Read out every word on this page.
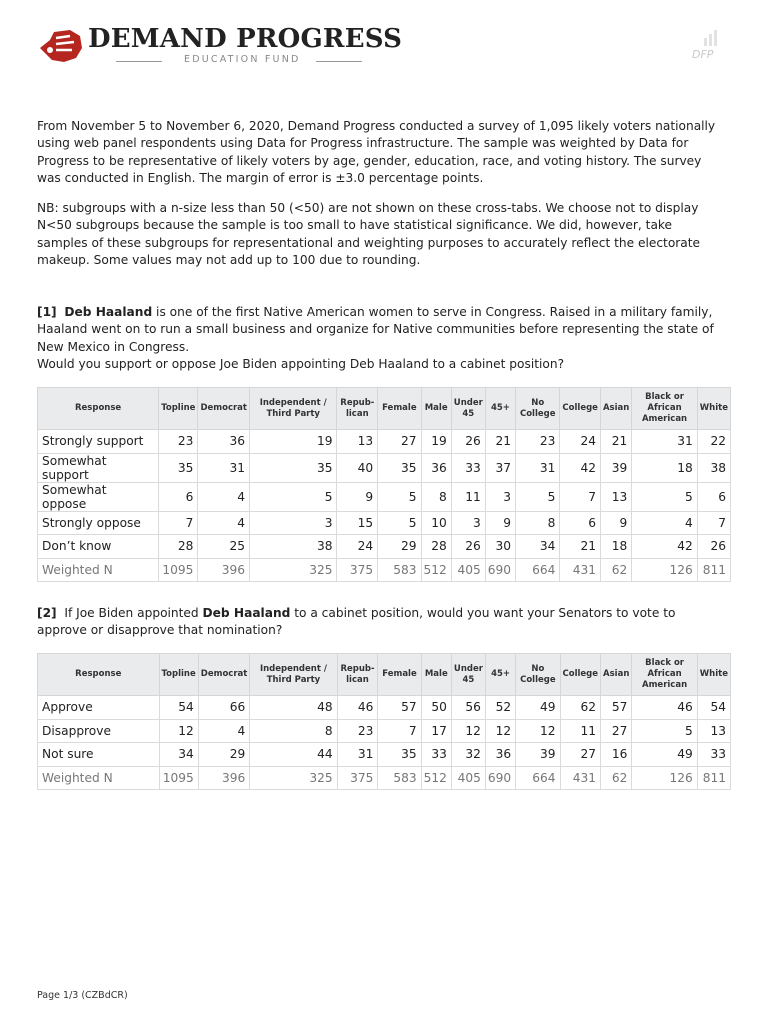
DEMAND PROGRESS
EDUCATION FUND	DFP

From November 5 to November 6, 2020, Demand Progress conducted a survey of 1,095 likely voters nationally using web panel respondents using Data for Progress infrastructure. The sample was weighted by Data for Progress to be representative of likely voters by age, gender, education, race, and voting history. The survey was conducted in English. The margin of error is ±3.0 percentage points.

NB: subgroups with a n-size less than 50 (<50) are not shown on these cross-tabs. We choose not to display N<50 subgroups because the sample is too small to have statistical significance. We did, however, take samples of these subgroups for representational and weighting purposes to accurately reflect the electorate makeup. Some values may not add up to 100 due to rounding.

[1] Deb Haaland is one of the first Native American women to serve in Congress. Raised in a military family, Haaland went on to run a small business and organize for Native communities before representing the state of New Mexico in Congress.
Would you support or oppose Joe Biden appointing Deb Haaland to a cabinet position?

Response	Topline	Democrat	Independent / Third Party	Repub-lican	Female	Male	Under 45	45+	No College	College	Asian	Black or African American	White
Strongly support	23	36	19	13	27	19	26	21	23	24	21	31	22
Somewhat support	35	31	35	40	35	36	33	37	31	42	39	18	38
Somewhat oppose	6	4	5	9	5	8	11	3	5	7	13	5	6
Strongly oppose	7	4	3	15	5	10	3	9	8	6	9	4	7
Don’t know	28	25	38	24	29	28	26	30	34	21	18	42	26
Weighted N	1095	396	325	375	583	512	405	690	664	431	62	126	811

[2] If Joe Biden appointed Deb Haaland to a cabinet position, would you want your Senators to vote to approve or disapprove that nomination?

Response	Topline	Democrat	Independent / Third Party	Repub-lican	Female	Male	Under 45	45+	No College	College	Asian	Black or African American	White
Approve	54	66	48	46	57	50	56	52	49	62	57	46	54
Disapprove	12	4	8	23	7	17	12	12	12	11	27	5	13
Not sure	34	29	44	31	35	33	32	36	39	27	16	49	33
Weighted N	1095	396	325	375	583	512	405	690	664	431	62	126	811
Page 1/3 (CZBdCR)
